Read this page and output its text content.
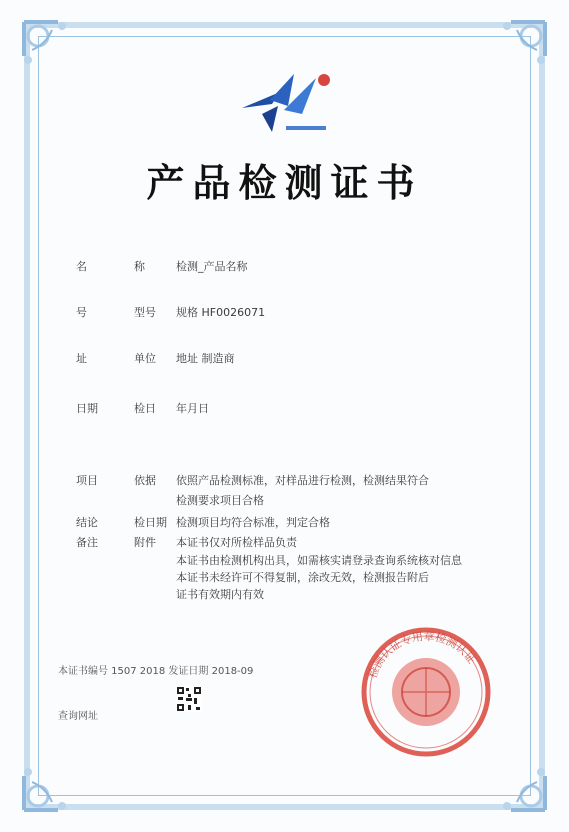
产品检测证书
名	称	检测_产品名称
号	型号 规格 HF0026071
址	单位 地址 制造商
日期	检日 年月日
项目	依据 依照产品检测标准，对样品进行检测，检测结果符合
检测要求项目合格
结论	检日期 检测项目均符合标准，判定合格
备注	附件 本证书仅对所检样品负责
本证书由检测机构出具，如需核实请登录查询系统核对信息
本证书未经许可不得复制，涂改无效，检测报告附后
证书有效期内有效
本证书编号 1507 2018 发证日期 2018-09
查询网址
检测认证专用章检测认证
